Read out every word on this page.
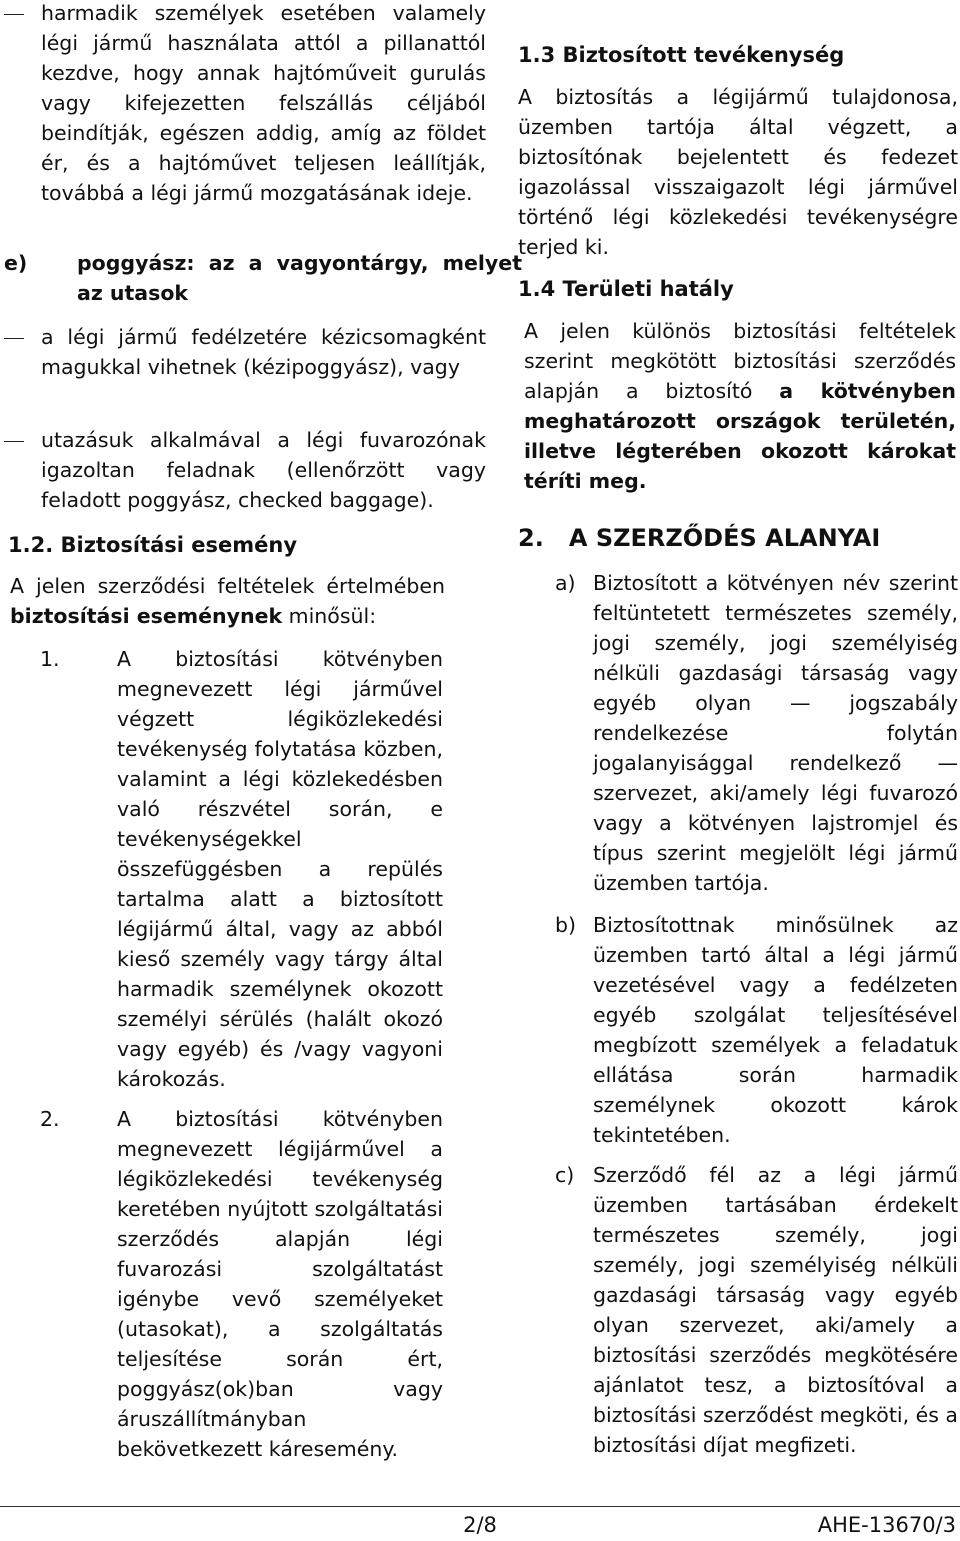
harmadik személyek esetében valamely légi jármű használata attól a pillanattól kezdve, hogy annak hajtóműveit gurulás vagy kifejezetten felszállás céljából beindítják, egészen addig, amíg az földet ér, és a hajtóművet teljesen leállítják, továbbá a légi jármű mozgatásának ideje.

e) poggyász: az a vagyontárgy, melyet az utasok

a légi jármű fedélzetére kézicsomagként magukkal vihetnek (kézipoggyász), vagy

utazásuk alkalmával a légi fuvarozónak igazoltan feladnak (ellenőrzött vagy feladott poggyász, checked baggage).

1.2. Biztosítási esemény

A jelen szerződési feltételek értelmében biztosítási eseménynek minősül:

1.	A biztosítási kötvényben megnevezett légi járművel végzett légiközlekedési tevékenység folytatása közben, valamint a légi közlekedésben való részvétel során, e tevékenységekkel összefüggésben a repülés tartalma alatt a biztosított légijármű által, vagy az abból kieső személy vagy tárgy által harmadik személynek okozott személyi sérülés (halált okozó vagy egyéb) és /vagy vagyoni károkozás.

2.	A biztosítási kötvényben megnevezett légijárművel a légiközlekedési tevékenység keretében nyújtott szolgáltatási szerződés alapján légi fuvarozási szolgáltatást igénybe vevő személyeket (utasokat), a szolgáltatás teljesítése során ért, poggyász(ok)ban vagy áruszállítmányban bekövetkezett káresemény.

1.3 Biztosított tevékenység

A biztosítás a légijármű tulajdonosa, üzemben tartója által végzett, a biztosítónak bejelentett és fedezet igazolással visszaigazolt légi járművel történő légi közlekedési tevékenységre terjed ki.

1.4 Területi hatály

A jelen különös biztosítási feltételek szerint megkötött biztosítási szerződés alapján a biztosító a kötvényben meghatározott országok területén, illetve légterében okozott károkat téríti meg.

2.   A SZERZŐDÉS ALANYAI
a) Biztosított a kötvényen név szerint feltüntetett természetes személy, jogi személy, jogi személyiség nélküli gazdasági társaság vagy egyéb olyan — jogszabály rendelkezése folytán jogalanyisággal rendelkező — szervezet, aki/amely légi fuvarozó vagy a kötvényen lajstromjel és típus szerint megjelölt légi jármű üzemben tartója.

b) Biztosítottnak minősülnek az üzemben tartó által a légi jármű vezetésével vagy a fedélzeten egyéb szolgálat teljesítésével megbízott személyek a feladatuk ellátása során harmadik személynek okozott károk tekintetében.

c) Szerződő fél az a légi jármű üzemben tartásában érdekelt természetes személy, jogi személy, jogi személyiség nélküli gazdasági társaság vagy egyéb olyan szervezet, aki/amely a biztosítási szerződés megkötésére ajánlatot tesz, a biztosítóval a biztosítási szerződést megköti, és a biztosítási díjat megfizeti.

2/8	AHE-13670/3
